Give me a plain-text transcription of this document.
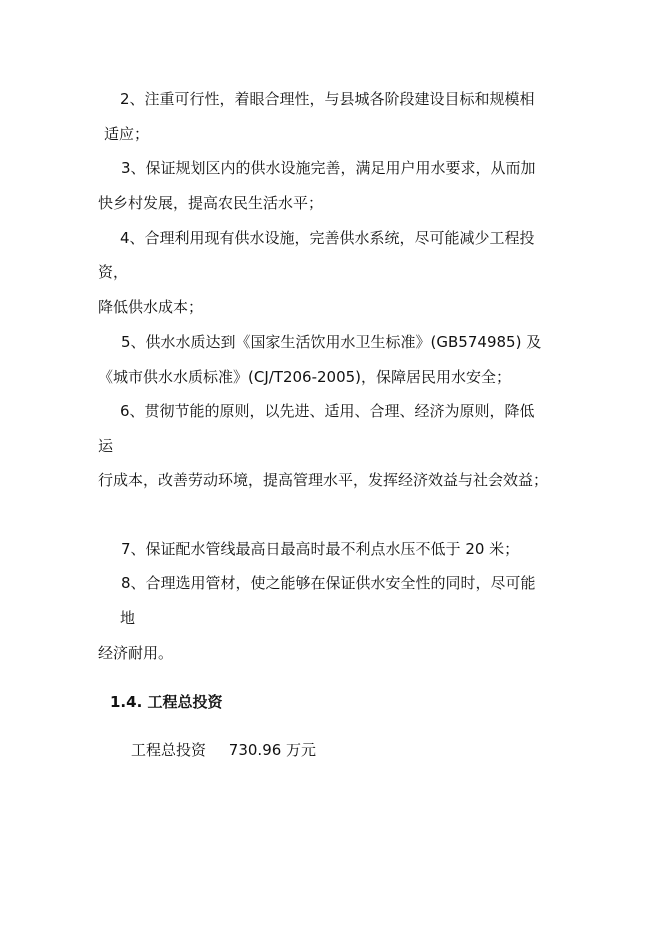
2、注重可行性，着眼合理性，与县城各阶段建设目标和规模相
适应；
3、保证规划区内的供水设施完善，满足用户用水要求，从而加
快乡村发展，提高农民生活水平；
4、合理利用现有供水设施，完善供水系统，尽可能减少工程投
资，
降低供水成本；
5、供水水质达到《国家生活饮用水卫生标准》(GB574985) 及
《城市供水水质标准》(CJ/T206-2005)，保障居民用水安全；
6、贯彻节能的原则，以先进、适用、合理、经济为原则，降低
运
行成本，改善劳动环境，提高管理水平，发挥经济效益与社会效益；
7、保证配水管线最高日最高时最不利点水压不低于 20 米；
8、合理选用管材，使之能够在保证供水安全性的同时，尽可能
地
经济耐用。
1.4. 工程总投资
工程总投资 730.96 万元
